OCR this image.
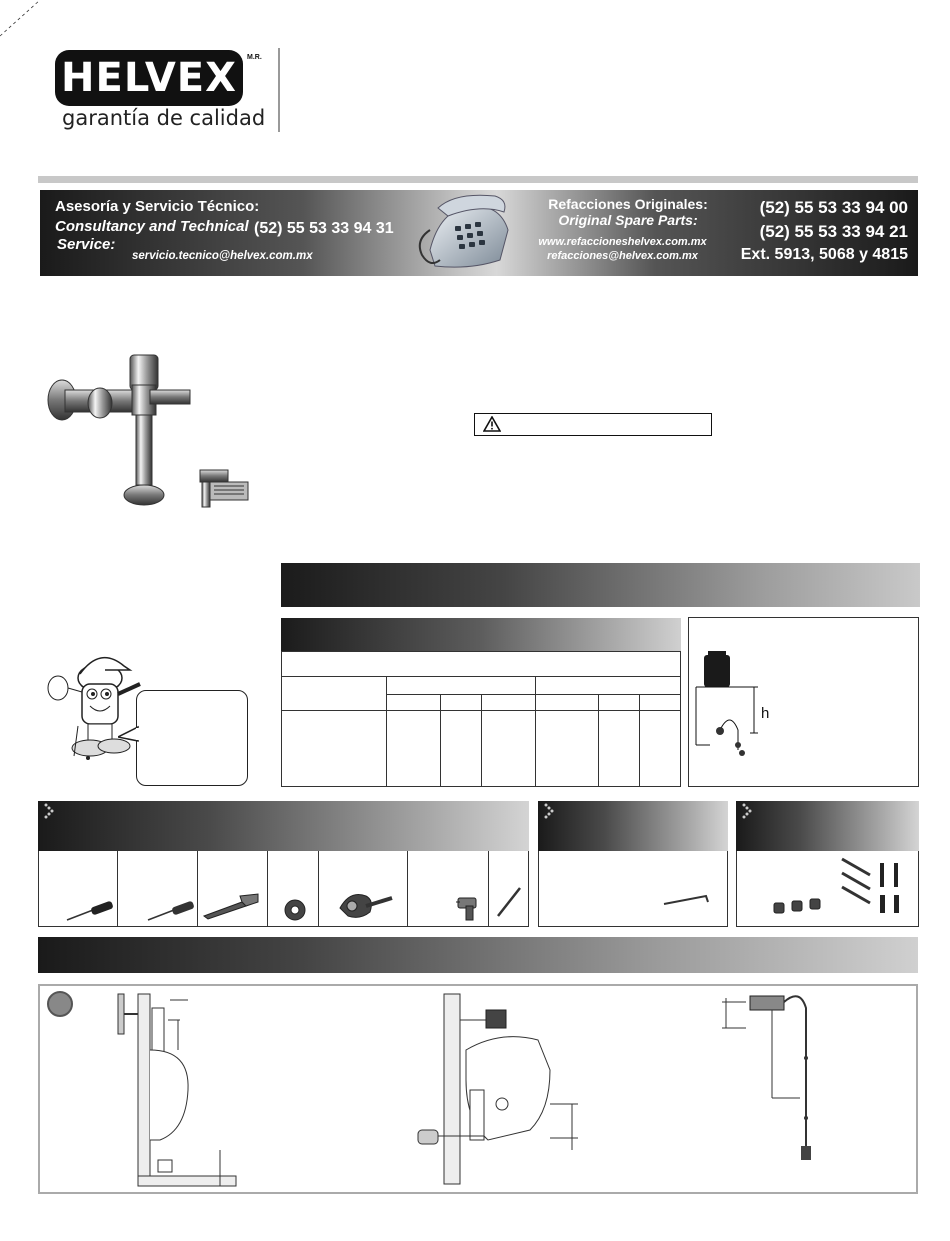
HELVEX	M.R.
garantía de calidad
Asesoría y Servicio Técnico:
Consultancy and Technical
Service:
servicio.tecnico@helvex.com.mx
(52) 55 53 33 94 31
Refacciones Originales:
Original Spare Parts:
www.refaccioneshelvex.com.mx
refacciones@helvex.com.mx
(52) 55 53 33 94 00
(52) 55 53 33 94 21
Ext. 5913, 5068 y 4815
h
